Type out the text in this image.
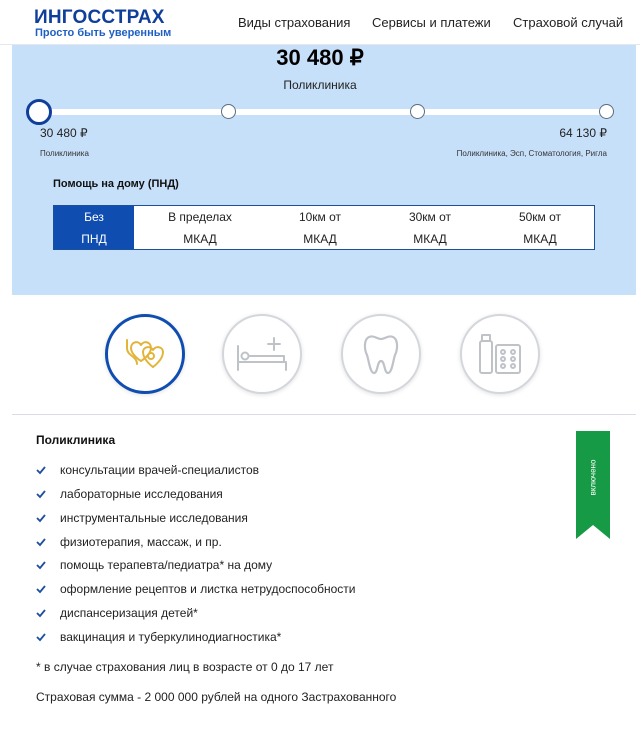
ИНГОССТРАХ
Просто быть уверенным
Виды страхования Сервисы и платежи Страховой случай
30 480 ₽
Поликлиника
30 480 ₽
Поликлиника
64 130 ₽
Поликлиника, Эсп, Стоматология, Ригла
Помощь на дому (ПНД)
Без
ПНД
В пределах
МКАД
10км от
МКАД
30км от
МКАД
50км от
МКАД
Поликлиника
включено
консультации врачей-специалистов
лабораторные исследования
инструментальные исследования
физиотерапия, массаж, и пр.
помощь терапевта/педиатра* на дому
оформление рецептов и листка нетрудоспособности
диспансеризация детей*
вакцинация и туберкулинодиагностика*
* в случае страхования лиц в возрасте от 0 до 17 лет
Страховая сумма - 2 000 000 рублей на одного Застрахованного
